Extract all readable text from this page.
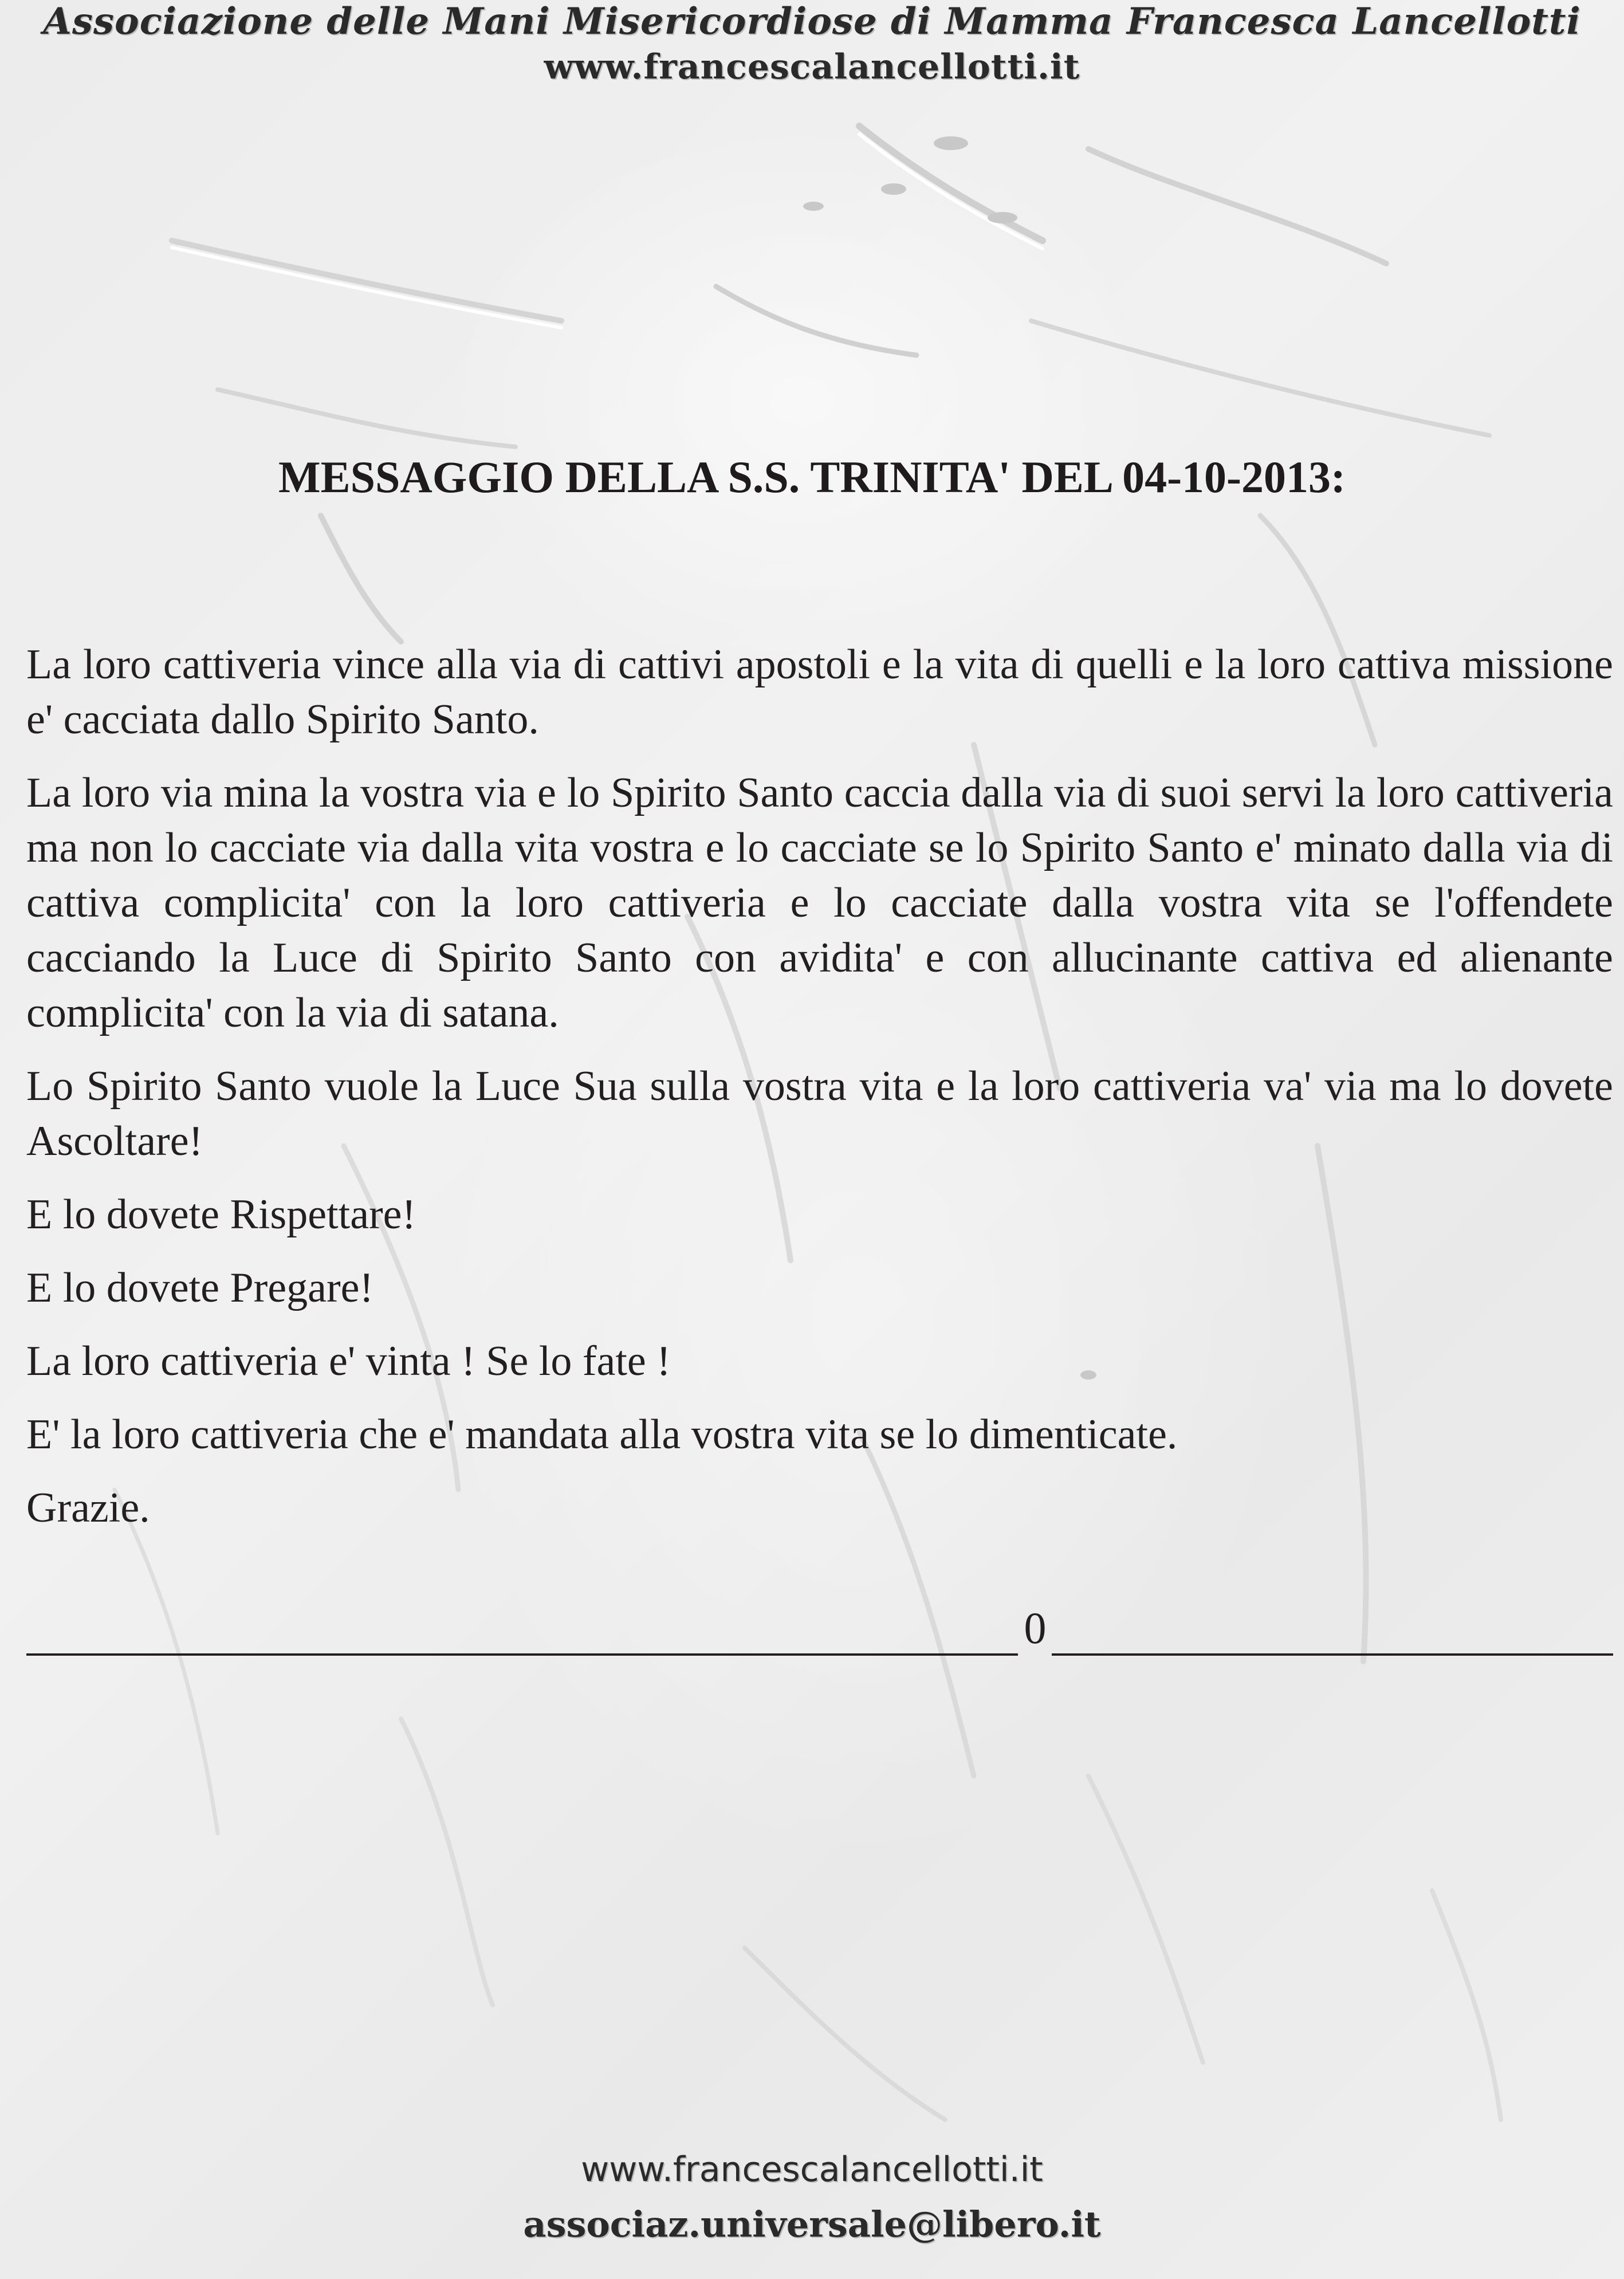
Associazione delle Mani Misericordiose di Mamma Francesca Lancellotti
www.francescalancellotti.it
MESSAGGIO DELLA S.S. TRINITA' DEL 04-10-2013:

La loro cattiveria vince alla via di cattivi apostoli e la vita di quelli e la loro cattiva missione e' cacciata dallo Spirito Santo.

La loro via mina la vostra via e lo Spirito Santo caccia dalla via di suoi servi la loro cattiveria ma non lo cacciate via dalla vita vostra e lo cacciate se lo Spirito Santo e' minato dalla via di cattiva complicita' con la loro cattiveria e lo cacciate dalla vostra vita se l'offendete cacciando la Luce di Spirito Santo con avidita' e con allucinante cattiva ed alienante complicita' con la via di satana.

Lo Spirito Santo vuole la Luce Sua sulla vostra vita e la loro cattiveria va' via ma lo dovete Ascoltare!

E lo dovete Rispettare!

E lo dovete Pregare!

La loro cattiveria e' vinta ! Se lo fate !

E' la loro cattiveria che e' mandata alla vostra vita se lo dimenticate.

Grazie.

0
www.francescalancellotti.it
associaz.universale@libero.it
